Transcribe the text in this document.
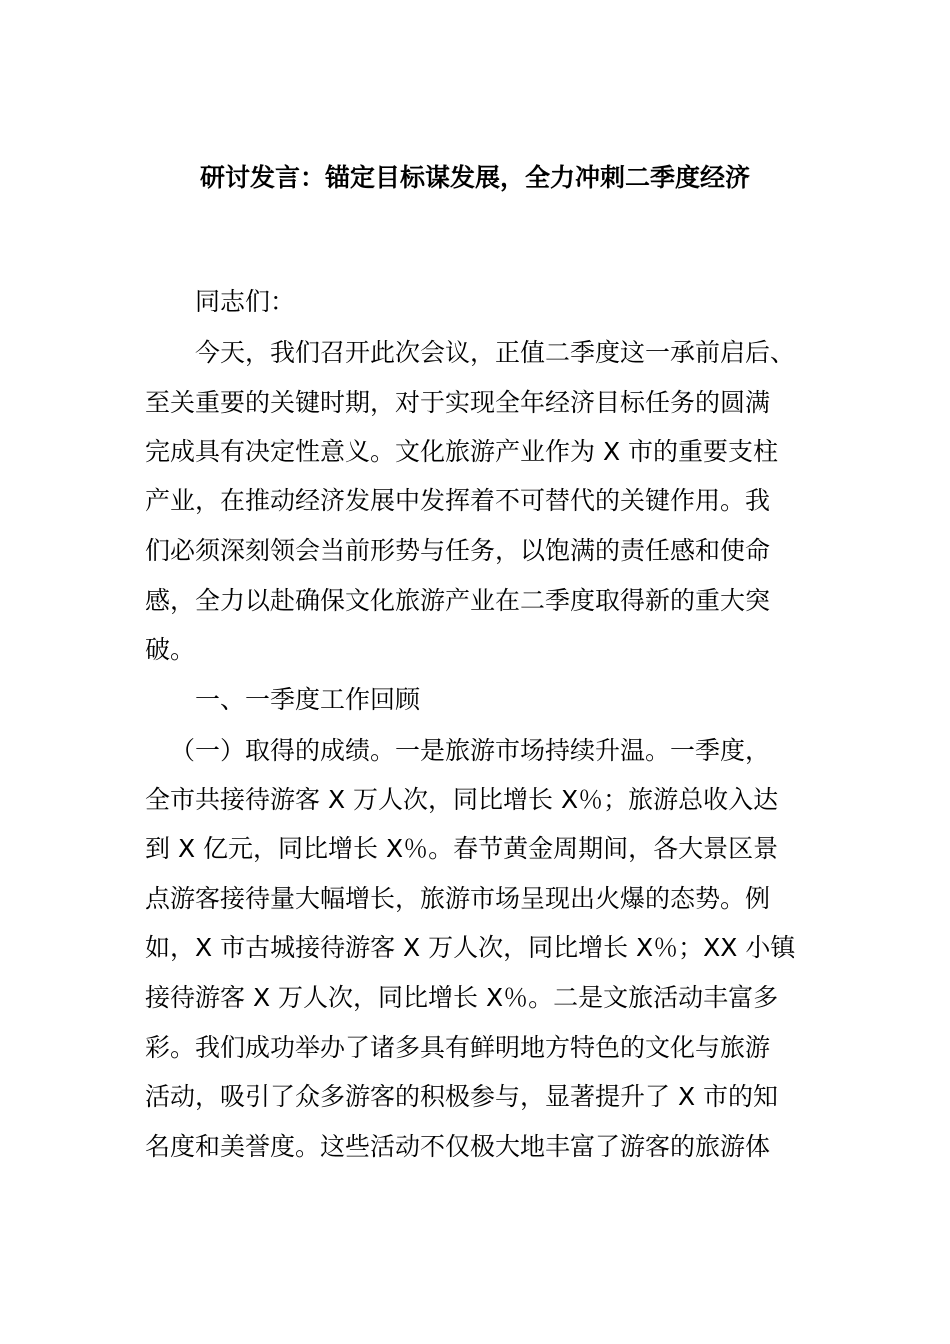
研讨发言：锚定目标谋发展，全力冲刺二季度经济
同志们：
今天，我们召开此次会议，正值二季度这一承前启后、
至关重要的关键时期，对于实现全年经济目标任务的圆满
完成具有决定性意义。文化旅游产业作为 X 市的重要支柱
产业，在推动经济发展中发挥着不可替代的关键作用。我
们必须深刻领会当前形势与任务，以饱满的责任感和使命
感，全力以赴确保文化旅游产业在二季度取得新的重大突
破。
一、一季度工作回顾
（一）取得的成绩。一是旅游市场持续升温。一季度，
全市共接待游客 X 万人次，同比增长 X％；旅游总收入达
到 X 亿元，同比增长 X％。春节黄金周期间，各大景区景
点游客接待量大幅增长，旅游市场呈现出火爆的态势。例
如，X 市古城接待游客 X 万人次，同比增长 X％；XX 小镇
接待游客 X 万人次，同比增长 X％。二是文旅活动丰富多
彩。我们成功举办了诸多具有鲜明地方特色的文化与旅游
活动，吸引了众多游客的积极参与，显著提升了 X 市的知
名度和美誉度。这些活动不仅极大地丰富了游客的旅游体
